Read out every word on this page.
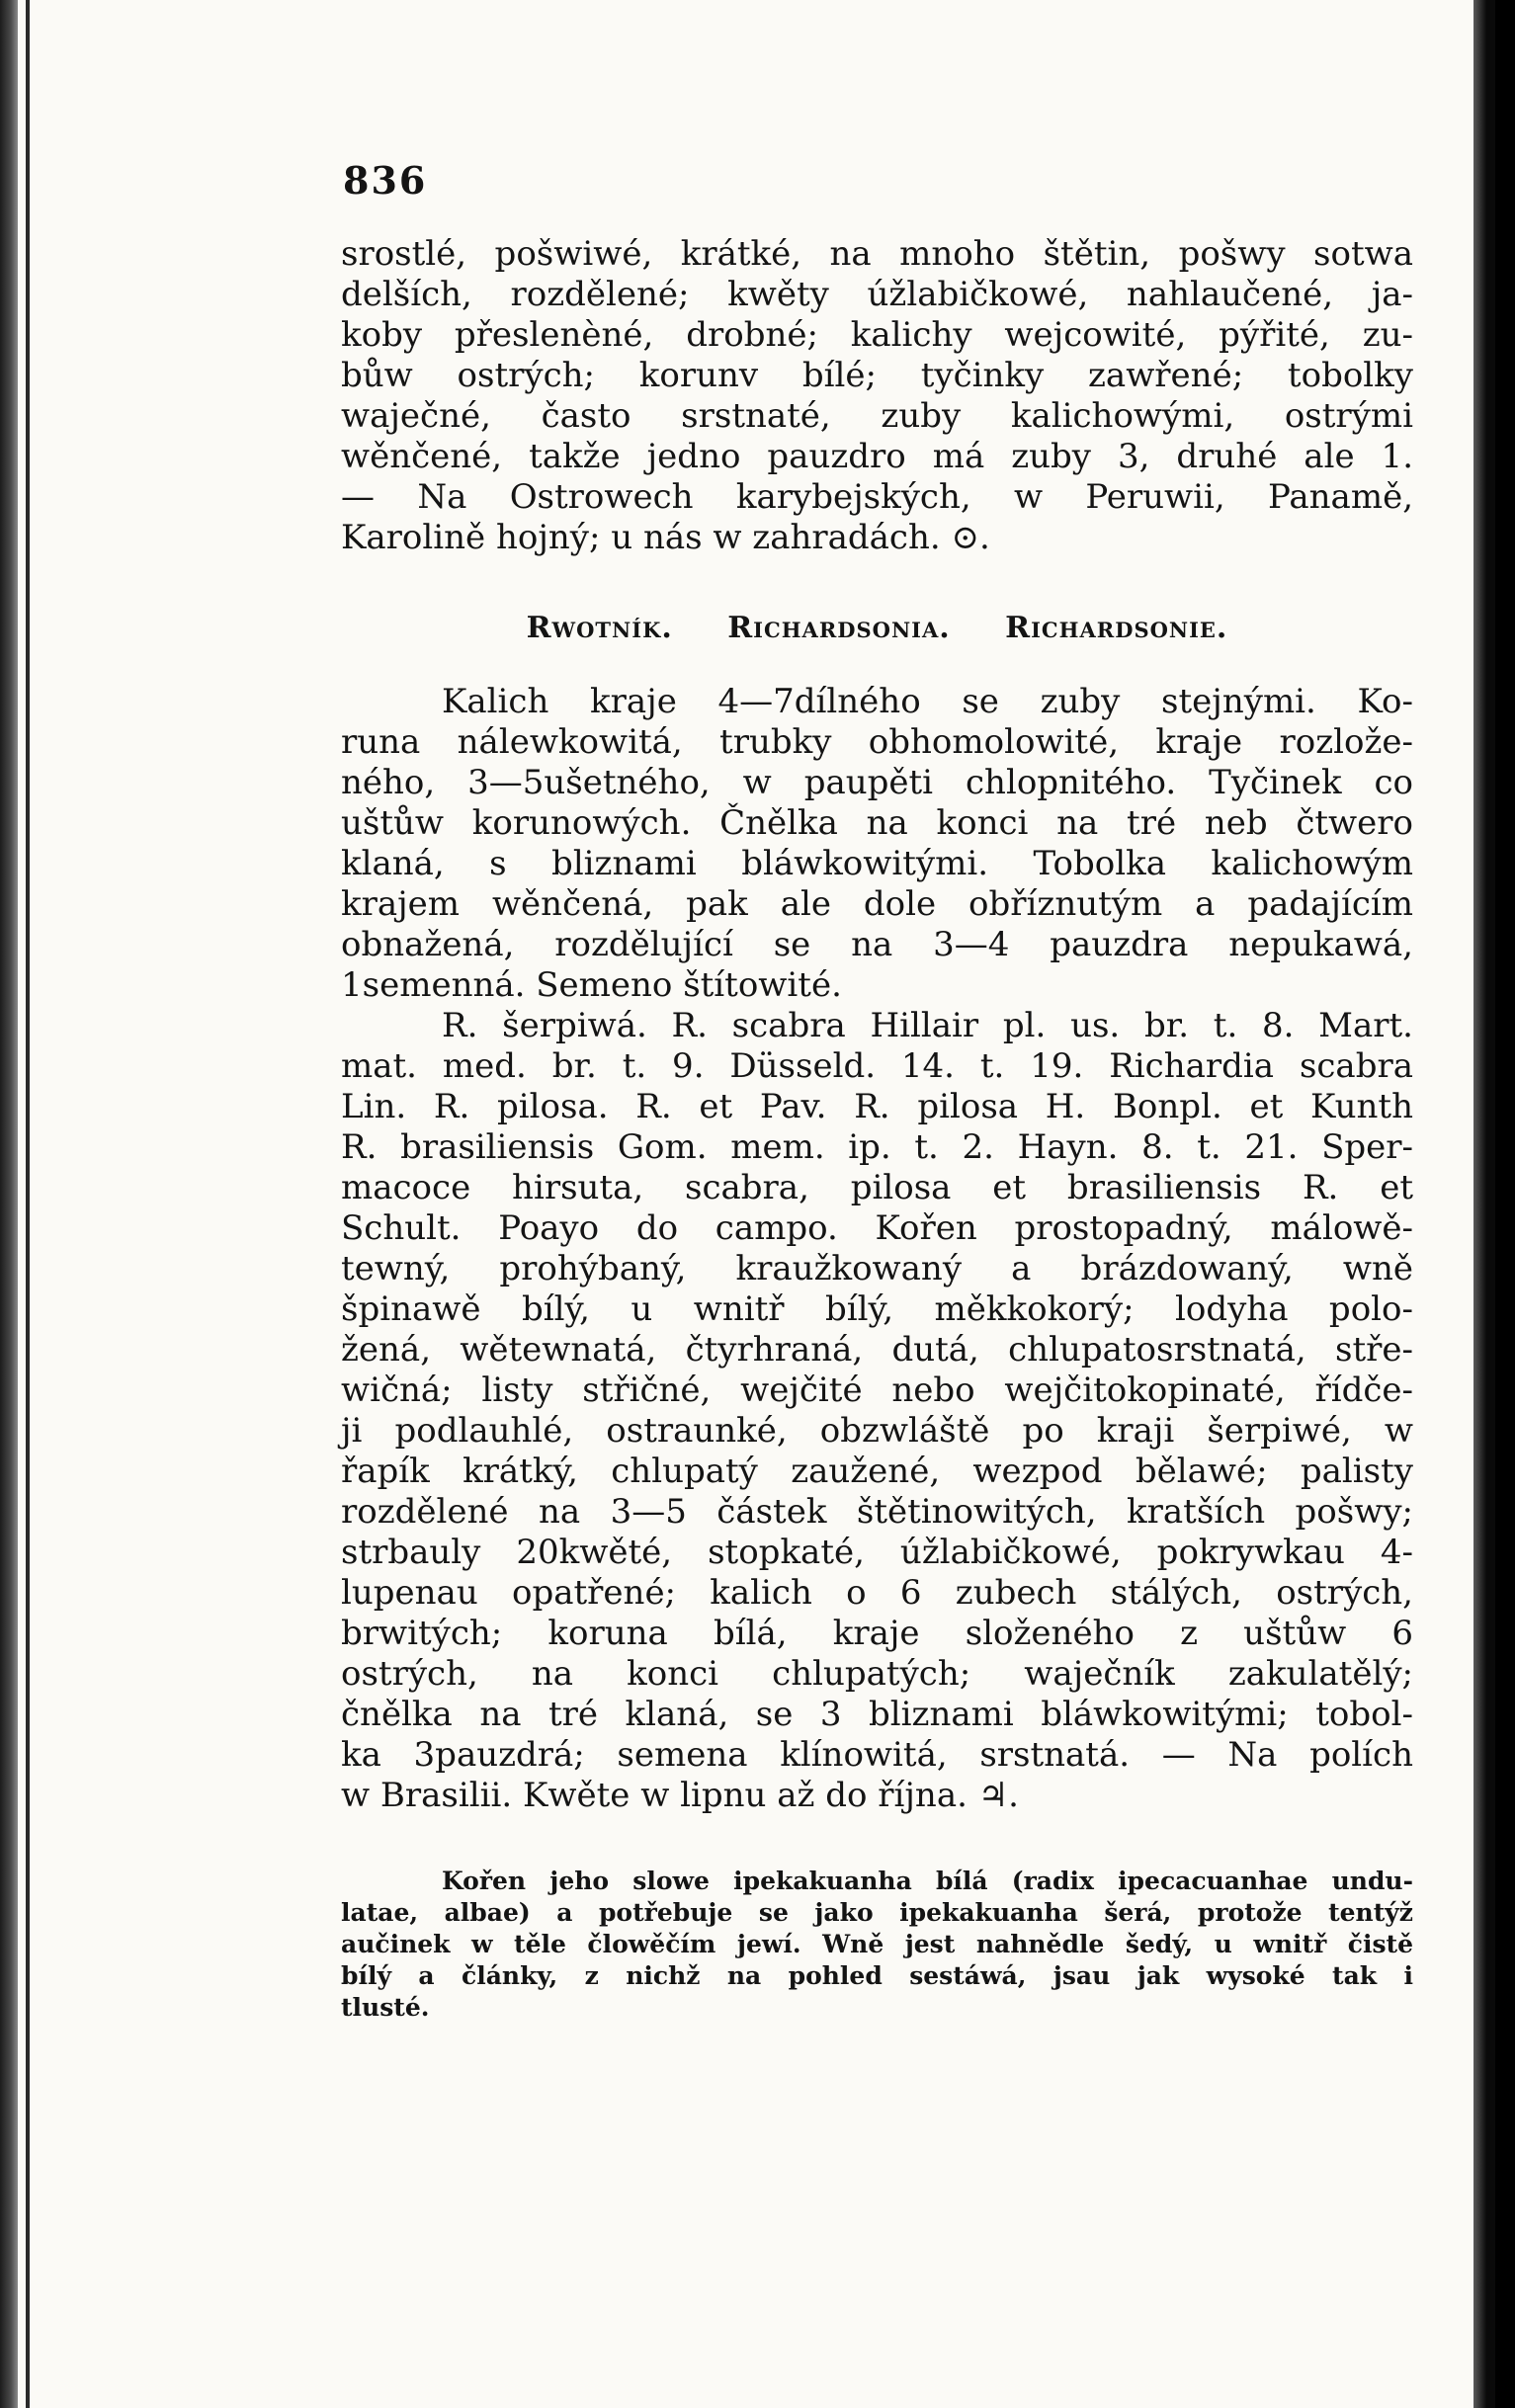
836
srostlé, pošwiwé, krátké, na mnoho štětin, pošwy sotwa
delších, rozdělené; kwěty úžlabičkowé, nahlaučené, ja-
koby přeslenèné, drobné; kalichy wejcowité, pýřité, zu-
bůw ostrých; korunv bílé; tyčinky zawřené; tobolky
waječné, často srstnaté, zuby kalichowými, ostrými
wěnčené, takže jedno pauzdro má zuby 3, druhé ale 1.
— Na Ostrowech karybejských, w Peruwii, Panamě,
Karolině hojný; u nás w zahradách. ⊙.
Rwotník. Richardsonia. Richardsonie.
Kalich kraje 4—7dílného se zuby stejnými. Ko-
runa nálewkowitá, trubky obhomolowité, kraje rozlože-
ného, 3—5ušetného, w paupěti chlopnitého. Tyčinek co
uštůw korunowých. Čnělka na konci na tré neb čtwero
klaná, s bliznami bláwkowitými. Tobolka kalichowým
krajem wěnčená, pak ale dole obříznutým a padajícím
obnažená, rozdělující se na 3—4 pauzdra nepukawá,
1semenná. Semeno štítowité.
R. šerpiwá. R. scabra Hillair pl. us. br. t. 8. Mart.
mat. med. br. t. 9. Düsseld. 14. t. 19. Richardia scabra
Lin. R. pilosa. R. et Pav. R. pilosa H. Bonpl. et Kunth
R. brasiliensis Gom. mem. ip. t. 2. Hayn. 8. t. 21. Sper-
macoce hirsuta, scabra, pilosa et brasiliensis R. et
Schult. Poayo do campo. Kořen prostopadný, málowě-
tewný, prohýbaný, kraužkowaný a brázdowaný, wně
špinawě bílý, u wnitř bílý, měkkokorý; lodyha polo-
žená, wětewnatá, čtyrhraná, dutá, chlupatosrstnatá, stře-
wičná; listy střičné, wejčité nebo wejčitokopinaté, řídče-
ji podlauhlé, ostraunké, obzwláště po kraji šerpiwé, w
řapík krátký, chlupatý zaužené, wezpod bělawé; palisty
rozdělené na 3—5 částek štětinowitých, kratších pošwy;
strbauly 20kwěté, stopkaté, úžlabičkowé, pokrywkau 4-
lupenau opatřené; kalich o 6 zubech stálých, ostrých,
brwitých; koruna bílá, kraje složeného z uštůw 6
ostrých, na konci chlupatých; waječník zakulatělý;
čnělka na tré klaná, se 3 bliznami bláwkowitými; tobol-
ka 3pauzdrá; semena klínowitá, srstnatá. — Na polích
w Brasilii. Kwěte w lipnu až do října. ♃.
Kořen jeho slowe ipekakuanha bílá (radix ipecacuanhae undu-
latae, albae) a potřebuje se jako ipekakuanha šerá, protože tentýž
aučinek w těle člowěčím jewí. Wně jest nahnědle šedý, u wnitř čistě
bílý a články, z nichž na pohled sestáwá, jsau jak wysoké tak i
tlusté.
